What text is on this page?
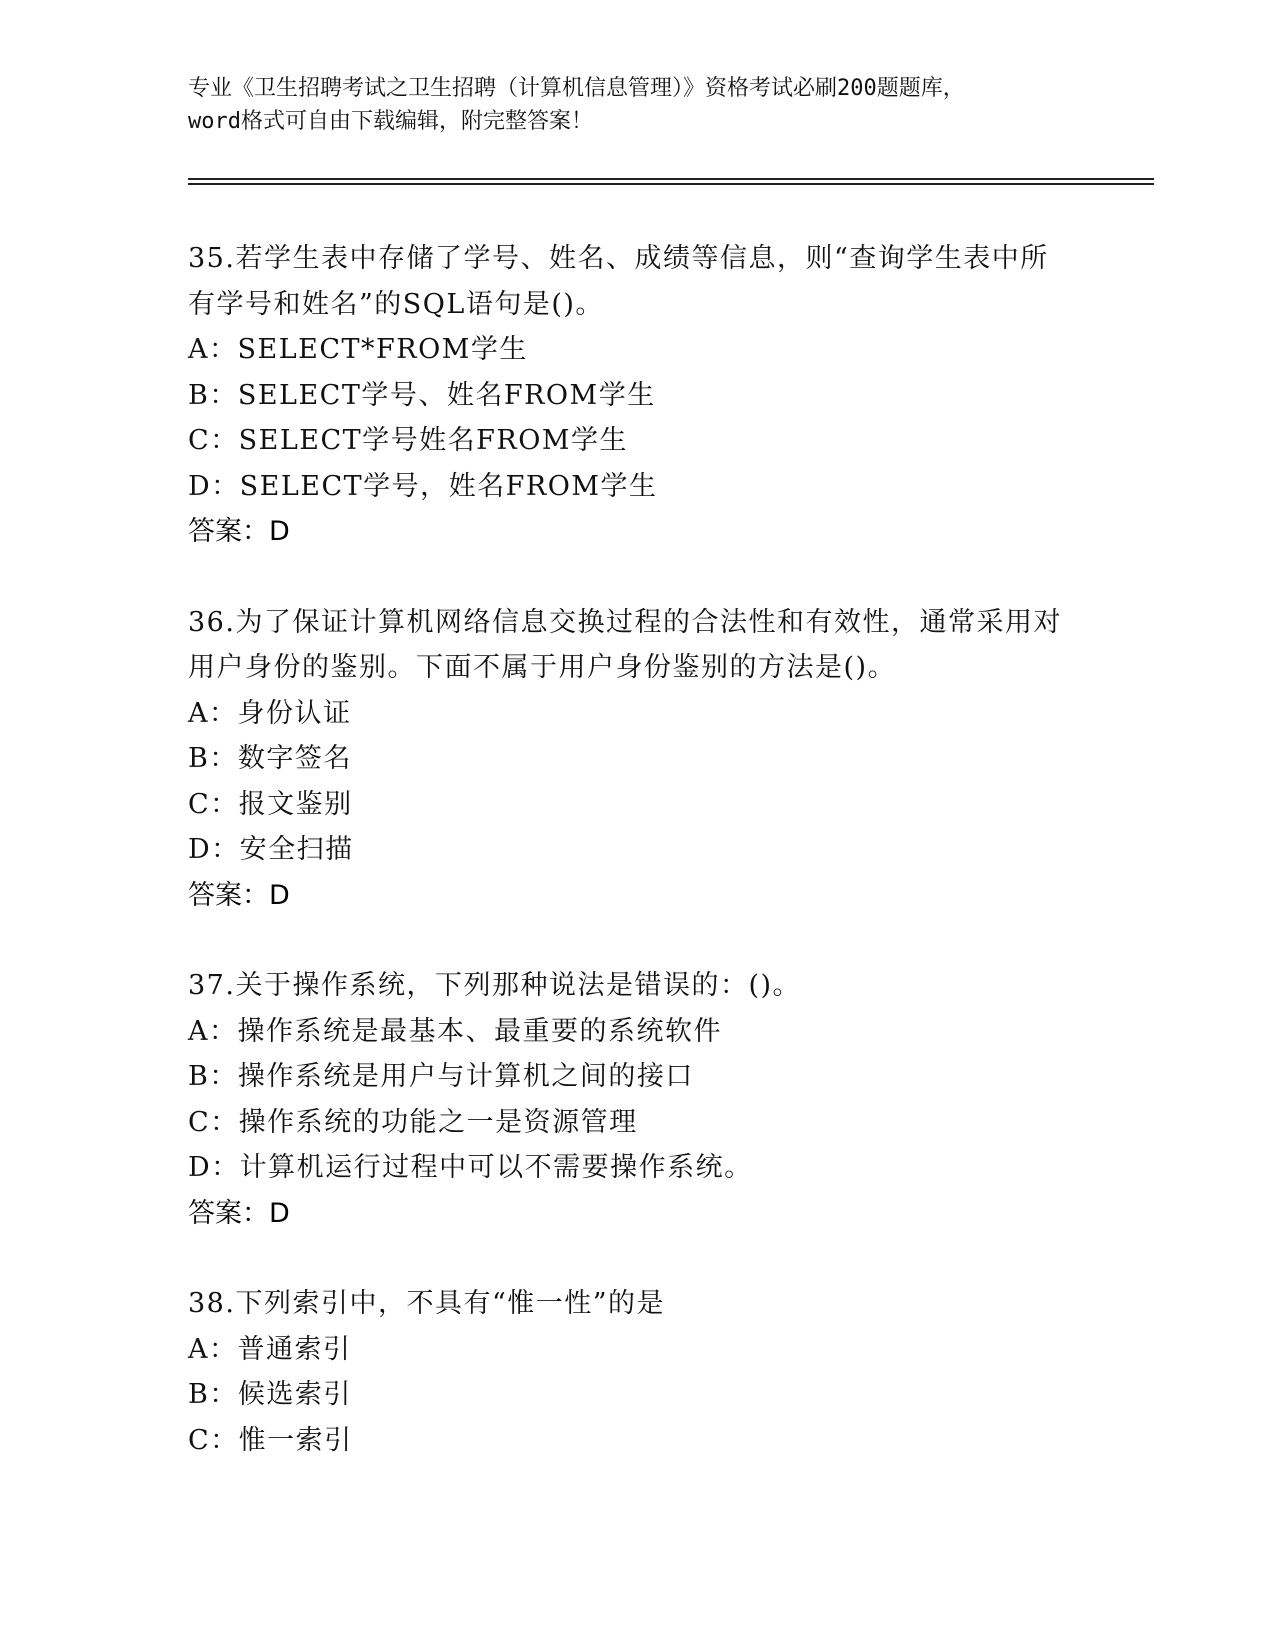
专业《卫生招聘考试之卫生招聘（计算机信息管理）》资格考试必刷200题题库，
word格式可自由下载编辑，附完整答案！
35.若学生表中存储了学号、姓名、成绩等信息，则“查询学生表中所
有学号和姓名”的SQL语句是()。
A：SELECT*FROM学生
B：SELECT学号、姓名FROM学生
C：SELECT学号姓名FROM学生
D：SELECT学号，姓名FROM学生
答案：D
36.为了保证计算机网络信息交换过程的合法性和有效性，通常采用对
用户身份的鉴别。下面不属于用户身份鉴别的方法是()。
A：身份认证
B：数字签名
C：报文鉴别
D：安全扫描
答案：D
37.关于操作系统，下列那种说法是错误的：()。
A：操作系统是最基本、最重要的系统软件
B：操作系统是用户与计算机之间的接口
C：操作系统的功能之一是资源管理
D：计算机运行过程中可以不需要操作系统。
答案：D
38.下列索引中，不具有“惟一性”的是
A：普通索引
B：候选索引
C：惟一索引
